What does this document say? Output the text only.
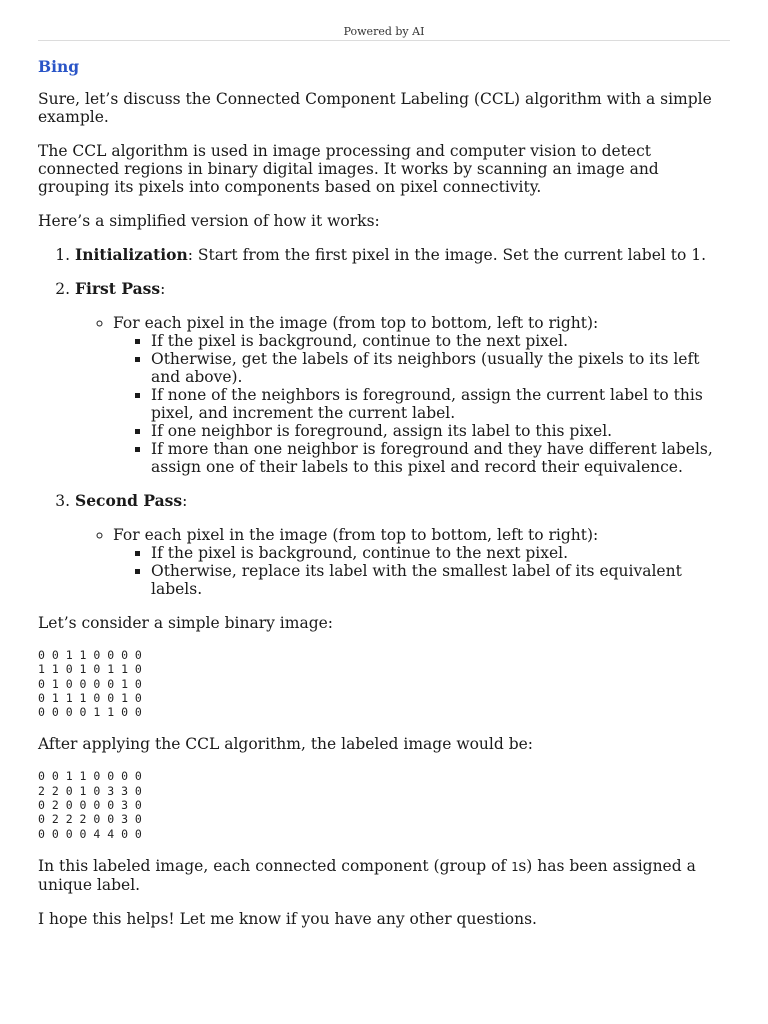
Powered by AI
Bing

Sure, let’s discuss the Connected Component Labeling (CCL) algorithm with a simple example.

The CCL algorithm is used in image processing and computer vision to detect connected regions in binary digital images. It works by scanning an image and grouping its pixels into components based on pixel connectivity.

Here’s a simplified version of how it works:

1. Initialization: Start from the first pixel in the image. Set the current label to 1.
2. First Pass:
◦ For each pixel in the image (from top to bottom, left to right):
▪ If the pixel is background, continue to the next pixel.
▪ Otherwise, get the labels of its neighbors (usually the pixels to its left and above).
▪ If none of the neighbors is foreground, assign the current label to this pixel, and increment the current label.
▪ If one neighbor is foreground, assign its label to this pixel.
▪ If more than one neighbor is foreground and they have different labels, assign one of their labels to this pixel and record their equivalence.
3. Second Pass:
◦ For each pixel in the image (from top to bottom, left to right):
▪ If the pixel is background, continue to the next pixel.
▪ Otherwise, replace its label with the smallest label of its equivalent labels.

Let’s consider a simple binary image:

0 0 1 1 0 0 0 0
1 1 0 1 0 1 1 0
0 1 0 0 0 0 1 0
0 1 1 1 0 0 1 0
0 0 0 0 1 1 0 0

After applying the CCL algorithm, the labeled image would be:

0 0 1 1 0 0 0 0
2 2 0 1 0 3 3 0
0 2 0 0 0 0 3 0
0 2 2 2 0 0 3 0
0 0 0 0 4 4 0 0

In this labeled image, each connected component (group of 1s) has been assigned a unique label.

I hope this helps! Let me know if you have any other questions.
